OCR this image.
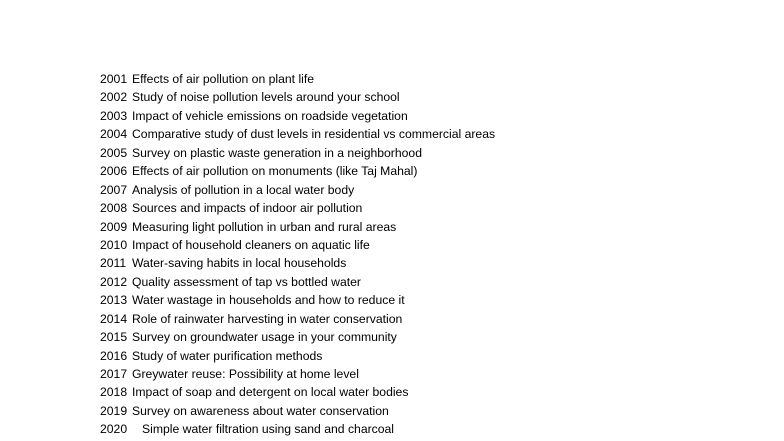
2001 Effects of air pollution on plant life
2002 Study of noise pollution levels around your school
2003 Impact of vehicle emissions on roadside vegetation
2004 Comparative study of dust levels in residential vs commercial areas
2005 Survey on plastic waste generation in a neighborhood
2006 Effects of air pollution on monuments (like Taj Mahal)
2007 Analysis of pollution in a local water body
2008 Sources and impacts of indoor air pollution
2009 Measuring light pollution in urban and rural areas
2010 Impact of household cleaners on aquatic life
2011 Water-saving habits in local households
2012 Quality assessment of tap vs bottled water
2013 Water wastage in households and how to reduce it
2014 Role of rainwater harvesting in water conservation
2015 Survey on groundwater usage in your community
2016 Study of water purification methods
2017 Greywater reuse: Possibility at home level
2018 Impact of soap and detergent on local water bodies
2019 Survey on awareness about water conservation
2020	Simple water filtration using sand and charcoal
